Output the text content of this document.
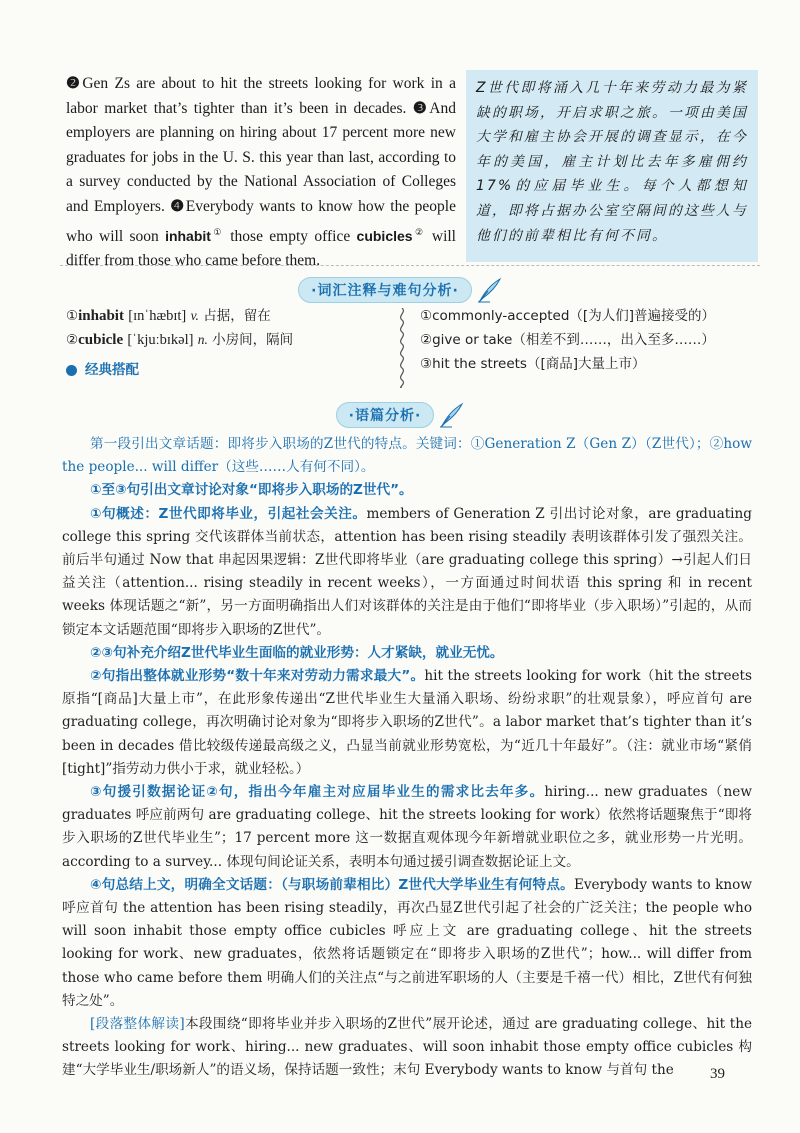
❷Gen Zs are about to hit the streets looking for work in a labor market that’s tighter than it’s been in decades. ❸And employers are planning on hiring about 17 percent more new graduates for jobs in the U. S. this year than last, according to a survey conducted by the National Association of Colleges and Employers. ❹Everybody wants to know how the people who will soon inhabit① those empty office cubicles② will differ from those who came before them.

Z世代即将涌入几十年来劳动力最为紧缺的职场，开启求职之旅。一项由美国大学和雇主协会开展的调查显示，在今年的美国，雇主计划比去年多雇佣约17%的应届毕业生。每个人都想知道，即将占据办公室空隔间的这些人与他们的前辈相比有何不同。

·词汇注释与难句分析·
①inhabit [ɪnˈhæbɪt] v. 占据，留在
②cubicle [ˈkjuːbɪkəl] n. 小房间，隔间
经典搭配
①commonly-accepted（[为人们]普遍接受的）
②give or take（相差不到……，出入至多……）
③hit the streets（[商品]大量上市）
·语篇分析·

第一段引出文章话题：即将步入职场的Z世代的特点。关键词：①Generation Z（Gen Z）（Z世代）；②how the people... will differ（这些……人有何不同）。

①至③句引出文章讨论对象“即将步入职场的Z世代”。

①句概述：Z世代即将毕业，引起社会关注。members of Generation Z 引出讨论对象，are graduating college this spring 交代该群体当前状态，attention has been rising steadily 表明该群体引发了强烈关注。前后半句通过 Now that 串起因果逻辑：Z世代即将毕业（are graduating college this spring）→引起人们日益关注（attention... rising steadily in recent weeks），一方面通过时间状语 this spring 和 in recent weeks 体现话题之“新”，另一方面明确指出人们对该群体的关注是由于他们“即将毕业（步入职场）”引起的，从而锁定本文话题范围“即将步入职场的Z世代”。

②③句补充介绍Z世代毕业生面临的就业形势：人才紧缺，就业无忧。

②句指出整体就业形势“数十年来对劳动力需求最大”。hit the streets looking for work（hit the streets 原指“[商品]大量上市”，在此形象传递出“Z世代毕业生大量涌入职场、纷纷求职”的壮观景象），呼应首句 are graduating college，再次明确讨论对象为“即将步入职场的Z世代”。a labor market that’s tighter than it’s been in decades 借比较级传递最高级之义，凸显当前就业形势宽松，为“近几十年最好”。（注：就业市场“紧俏[tight]”指劳动力供小于求，就业轻松。）

③句援引数据论证②句，指出今年雇主对应届毕业生的需求比去年多。hiring... new graduates（new graduates 呼应前两句 are graduating college、hit the streets looking for work）依然将话题聚焦于“即将步入职场的Z世代毕业生”；17 percent more 这一数据直观体现今年新增就业职位之多，就业形势一片光明。according to a survey... 体现句间论证关系，表明本句通过援引调查数据论证上文。

④句总结上文，明确全文话题：（与职场前辈相比）Z世代大学毕业生有何特点。Everybody wants to know 呼应首句 the attention has been rising steadily，再次凸显Z世代引起了社会的广泛关注；the people who will soon inhabit those empty office cubicles 呼应上文 are graduating college、hit the streets looking for work、new graduates，依然将话题锁定在“即将步入职场的Z世代”；how... will differ from those who came before them 明确人们的关注点“与之前进军职场的人（主要是千禧一代）相比，Z世代有何独特之处”。

[段落整体解读]本段围绕“即将毕业并步入职场的Z世代”展开论述，通过 are graduating college、hit the streets looking for work、hiring... new graduates、will soon inhabit those empty office cubicles 构建“大学毕业生/职场新人”的语义场，保持话题一致性；末句 Everybody wants to know 与首句 the	39
